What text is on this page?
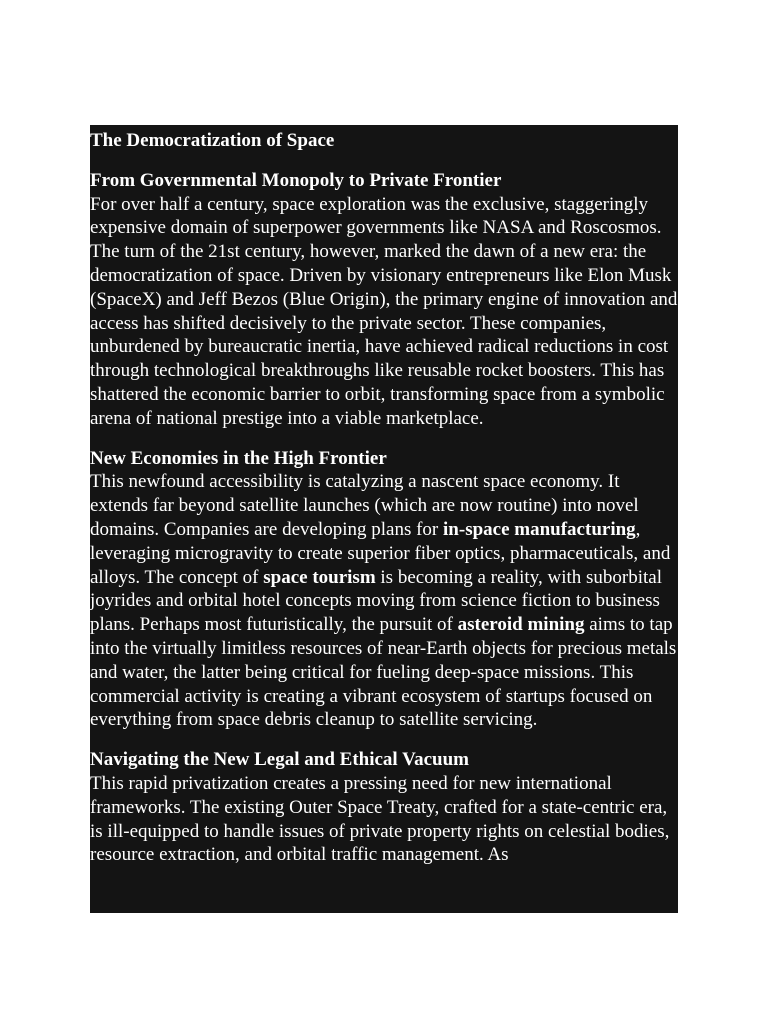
The Democratization of Space
From Governmental Monopoly to Private Frontier

For over half a century, space exploration was the exclusive, staggeringly expensive domain of superpower governments like NASA and Roscosmos. The turn of the 21st century, however, marked the dawn of a new era: the democratization of space. Driven by visionary entrepreneurs like Elon Musk (SpaceX) and Jeff Bezos (Blue Origin), the primary engine of innovation and access has shifted decisively to the private sector. These companies, unburdened by bureaucratic inertia, have achieved radical reductions in cost through technological breakthroughs like reusable rocket boosters. This has shattered the economic barrier to orbit, transforming space from a symbolic arena of national prestige into a viable marketplace.

New Economies in the High Frontier

This newfound accessibility is catalyzing a nascent space economy. It extends far beyond satellite launches (which are now routine) into novel domains. Companies are developing plans for in-space manufacturing, leveraging microgravity to create superior fiber optics, pharmaceuticals, and alloys. The concept of space tourism is becoming a reality, with suborbital joyrides and orbital hotel concepts moving from science fiction to business plans. Perhaps most futuristically, the pursuit of asteroid mining aims to tap into the virtually limitless resources of near-Earth objects for precious metals and water, the latter being critical for fueling deep-space missions. This commercial activity is creating a vibrant ecosystem of startups focused on everything from space debris cleanup to satellite servicing.

Navigating the New Legal and Ethical Vacuum

This rapid privatization creates a pressing need for new international frameworks. The existing Outer Space Treaty, crafted for a state-centric era, is ill-equipped to handle issues of private property rights on celestial bodies, resource extraction, and orbital traffic management. As
